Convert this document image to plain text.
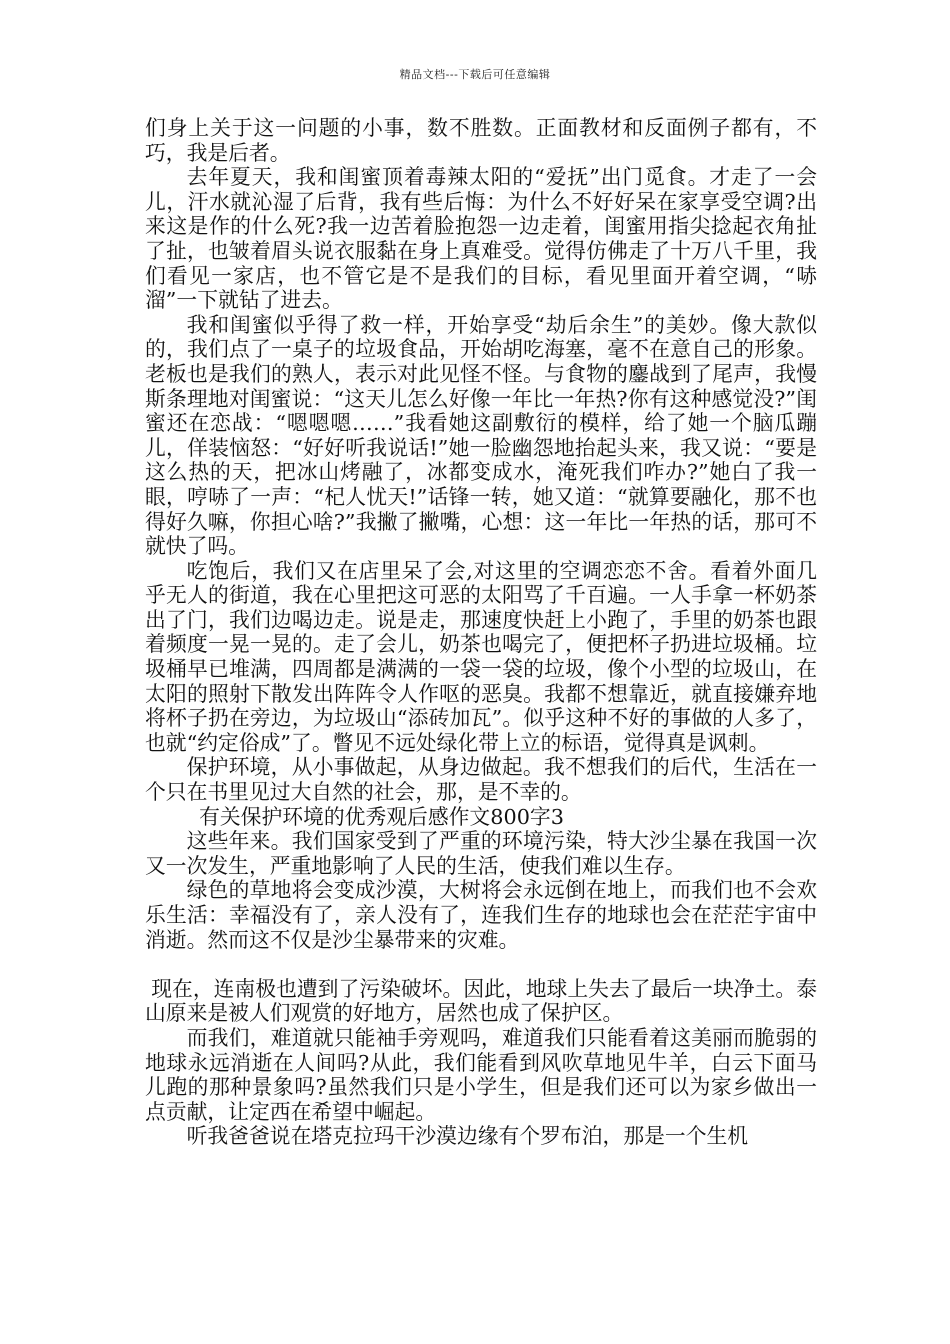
精品文档---下载后可任意编辑

们身上关于这一问题的小事，数不胜数。正面教材和反面例子都有，不巧，我是后者。

去年夏天，我和闺蜜顶着毒辣太阳的“爱抚”出门觅食。才走了一会儿，汗水就沁湿了后背，我有些后悔：为什么不好好呆在家享受空调?出来这是作的什么死?我一边苦着脸抱怨一边走着，闺蜜用指尖捻起衣角扯了扯，也皱着眉头说衣服黏在身上真难受。觉得仿佛走了十万八千里，我们看见一家店，也不管它是不是我们的目标，看见里面开着空调，“哧溜”一下就钻了进去。

我和闺蜜似乎得了救一样，开始享受“劫后余生”的美妙。像大款似的，我们点了一桌子的垃圾食品，开始胡吃海塞，毫不在意自己的形象。老板也是我们的熟人，表示对此见怪不怪。与食物的鏖战到了尾声，我慢斯条理地对闺蜜说：“这天儿怎么好像一年比一年热?你有这种感觉没?”闺蜜还在恋战：“嗯嗯嗯……”我看她这副敷衍的模样，给了她一个脑瓜蹦儿，佯装恼怒：“好好听我说话!”她一脸幽怨地抬起头来，我又说：“要是这么热的天，把冰山烤融了，冰都变成水，淹死我们咋办?”她白了我一眼，哼哧了一声：“杞人忧天!”话锋一转，她又道：“就算要融化，那不也得好久嘛，你担心啥?”我撇了撇嘴，心想：这一年比一年热的话，那可不就快了吗。

吃饱后，我们又在店里呆了会,对这里的空调恋恋不舍。看着外面几乎无人的街道，我在心里把这可恶的太阳骂了千百遍。一人手拿一杯奶茶出了门，我们边喝边走。说是走，那速度快赶上小跑了，手里的奶茶也跟着频度一晃一晃的。走了会儿，奶茶也喝完了，便把杯子扔进垃圾桶。垃圾桶早已堆满，四周都是满满的一袋一袋的垃圾，像个小型的垃圾山，在太阳的照射下散发出阵阵令人作呕的恶臭。我都不想靠近，就直接嫌弃地将杯子扔在旁边，为垃圾山“添砖加瓦”。似乎这种不好的事做的人多了，也就“约定俗成”了。瞥见不远处绿化带上立的标语，觉得真是讽刺。

保护环境，从小事做起，从身边做起。我不想我们的后代，生活在一个只在书里见过大自然的社会，那，是不幸的。

有关保护环境的优秀观后感作文800字3

这些年来。我们国家受到了严重的环境污染，特大沙尘暴在我国一次又一次发生，严重地影响了人民的生活，使我们难以生存。

绿色的草地将会变成沙漠，大树将会永远倒在地上，而我们也不会欢乐生活：幸福没有了，亲人没有了，连我们生存的地球也会在茫茫宇宙中消逝。然而这不仅是沙尘暴带来的灾难。

现在，连南极也遭到了污染破坏。因此，地球上失去了最后一块净土。泰山原来是被人们观赏的好地方，居然也成了保护区。

而我们，难道就只能袖手旁观吗，难道我们只能看着这美丽而脆弱的地球永远消逝在人间吗?从此，我们能看到风吹草地见牛羊，白云下面马儿跑的那种景象吗?虽然我们只是小学生，但是我们还可以为家乡做出一点贡献，让定西在希望中崛起。

听我爸爸说在塔克拉玛干沙漠边缘有个罗布泊，那是一个生机
